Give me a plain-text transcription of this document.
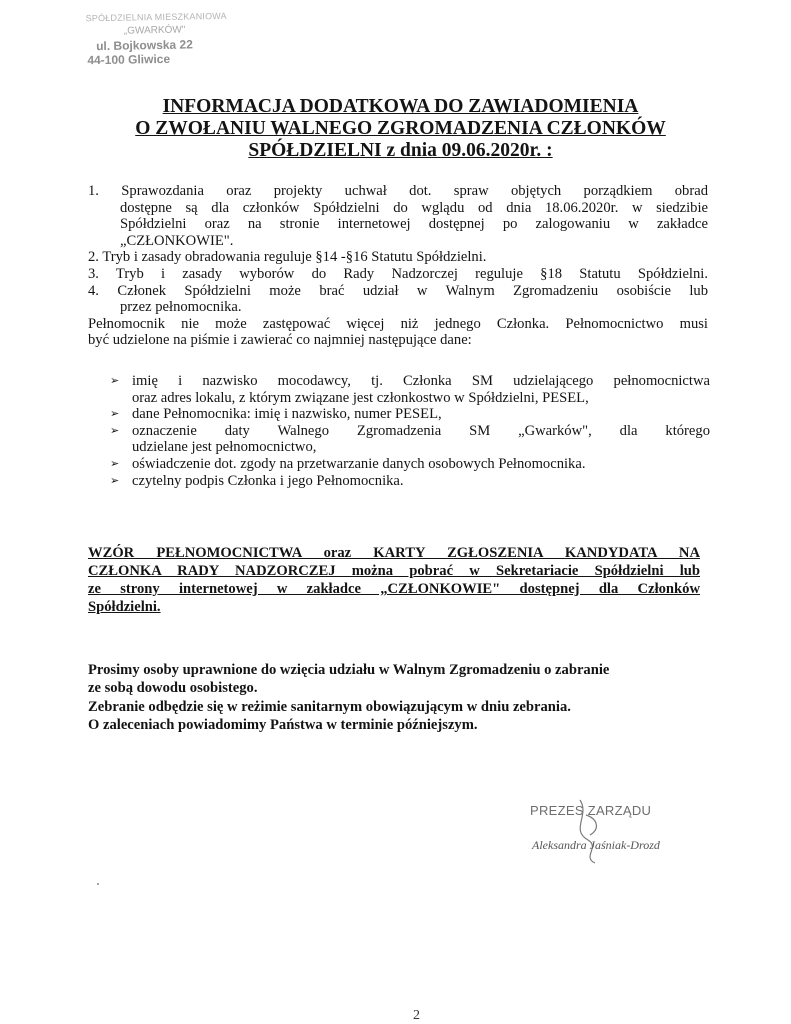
SPÓŁDZIELNIA MIESZKANIOWA
„GWARKÓW"
ul. Bojkowska 22
44-100 Gliwice
INFORMACJA DODATKOWA DO ZAWIADOMIENIA
O ZWOŁANIU WALNEGO ZGROMADZENIA CZŁONKÓW
SPÓŁDZIELNI z dnia 09.06.2020r. :

1. Sprawozdania oraz projekty uchwał dot. spraw objętych porządkiem obrad

dostępne są dla członków Spółdzielni do wglądu od dnia 18.06.2020r. w siedzibie

Spółdzielni oraz na stronie internetowej dostępnej po zalogowaniu w zakładce

„CZŁONKOWIE".

2. Tryb i zasady obradowania reguluje §14 -§16 Statutu Spółdzielni.

3. Tryb i zasady wyborów do Rady Nadzorczej reguluje §18 Statutu Spółdzielni.

4. Członek Spółdzielni może brać udział w Walnym Zgromadzeniu osobiście lub

przez pełnomocnika.

Pełnomocnik nie może zastępować więcej niż jednego Członka. Pełnomocnictwo musi

być udzielone na piśmie i zawierać co najmniej następujące dane:

➢ imię i nazwisko mocodawcy, tj. Członka SM udzielającego pełnomocnictwa
oraz adres lokalu, z którym związane jest członkostwo w Spółdzielni, PESEL,
➢ dane Pełnomocnika: imię i nazwisko, numer PESEL,
➢ oznaczenie daty Walnego Zgromadzenia SM „Gwarków", dla którego
udzielane jest pełnomocnictwo,
➢ oświadczenie dot. zgody na przetwarzanie danych osobowych Pełnomocnika.
➢ czytelny podpis Członka i jego Pełnomocnika.
WZÓR PEŁNOMOCNICTWA oraz KARTY ZGŁOSZENIA KANDYDATA NA
CZŁONKA RADY NADZORCZEJ można pobrać w Sekretariacie Spółdzielni lub
ze strony internetowej w zakładce „CZŁONKOWIE" dostępnej dla Członków
Spółdzielni.

Prosimy osoby uprawnione do wzięcia udziału w Walnym Zgromadzeniu o zabranie

ze sobą dowodu osobistego.

Zebranie odbędzie się w reżimie sanitarnym obowiązującym w dniu zebrania.

O zaleceniach powiadomimy Państwa w terminie późniejszym.

PREZES ZARZĄDU
Aleksandra Jaśniak-Drozd
2
